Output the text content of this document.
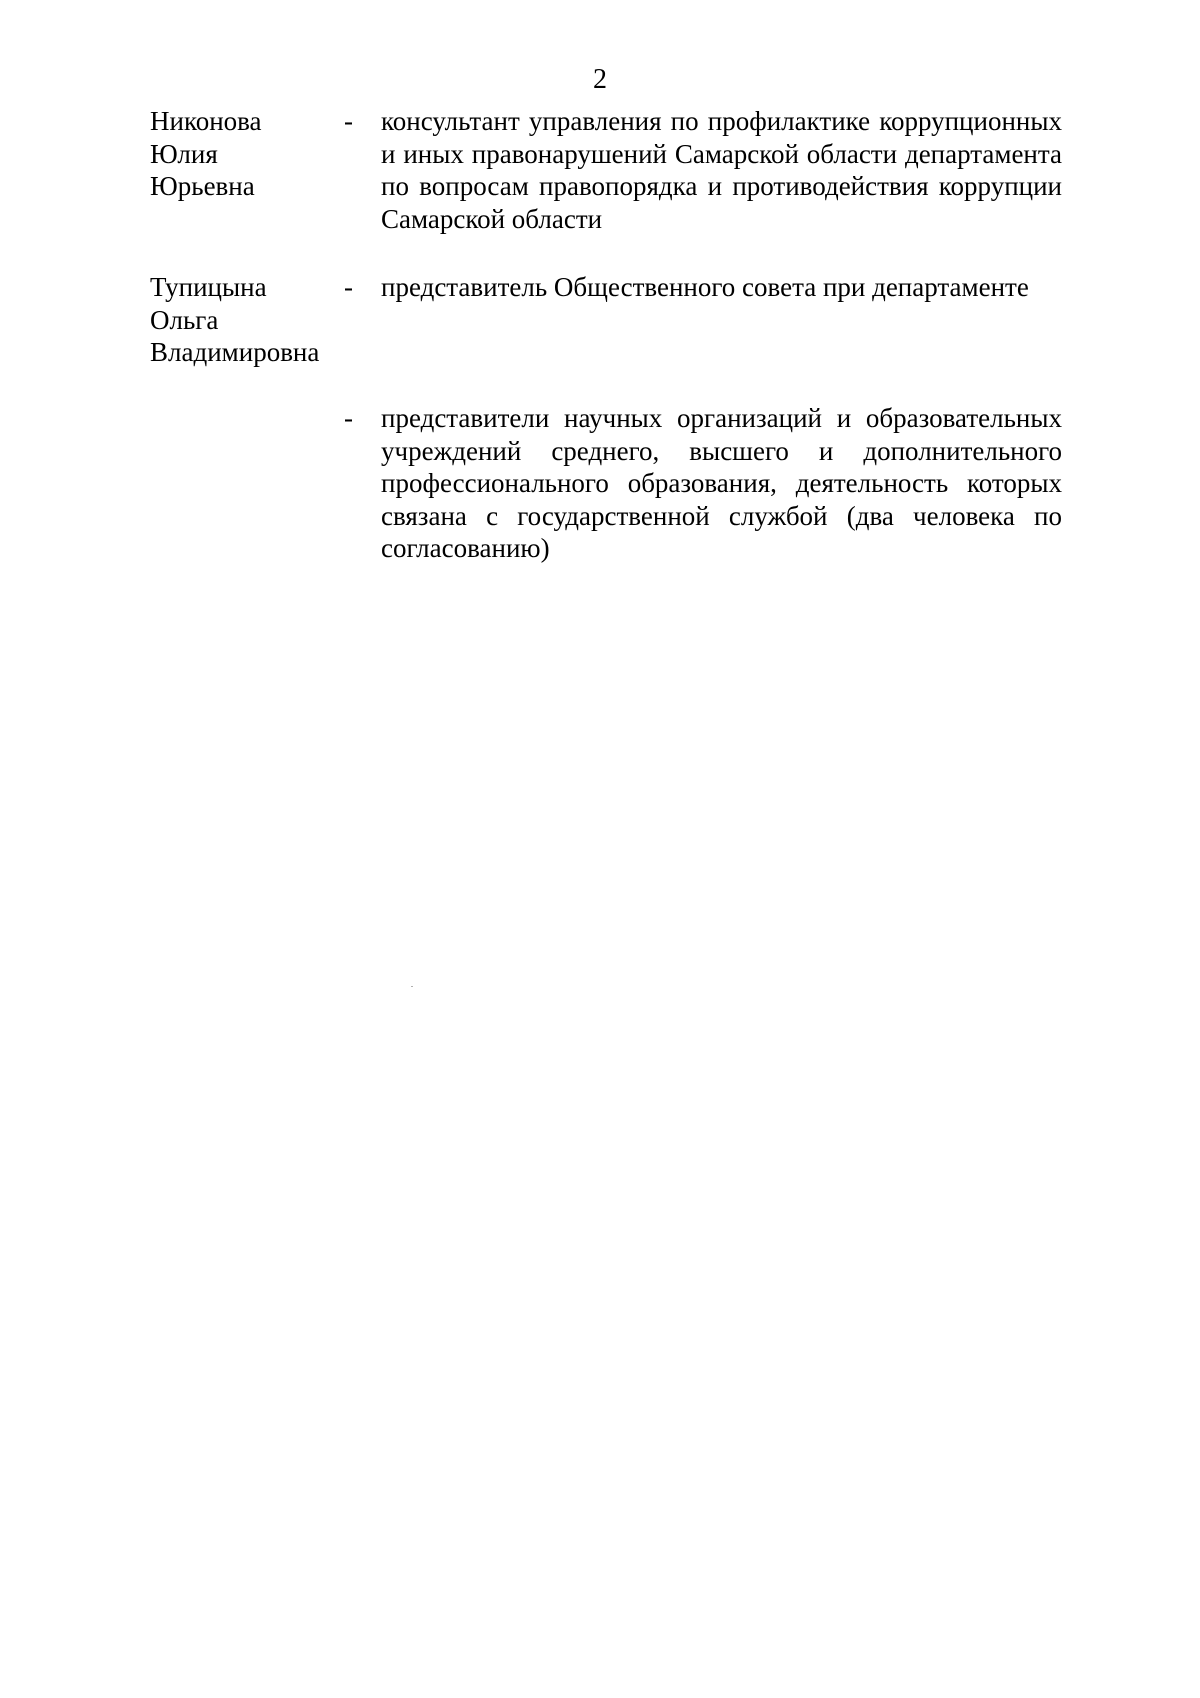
2
Никонова
Юлия
Юрьевна
- консультант управления по профилактике коррупционных и иных правонарушений Самарской области департамента по вопросам правопорядка и противодействия коррупции Самарской области
Тупицына
Ольга
Владимировна
- представитель Общественного совета при департаменте
- представители научных организаций и образовательных учреждений среднего, высшего и дополнительного профессионального образования, деятельность которых связана с государственной службой (два человека по согласованию)
